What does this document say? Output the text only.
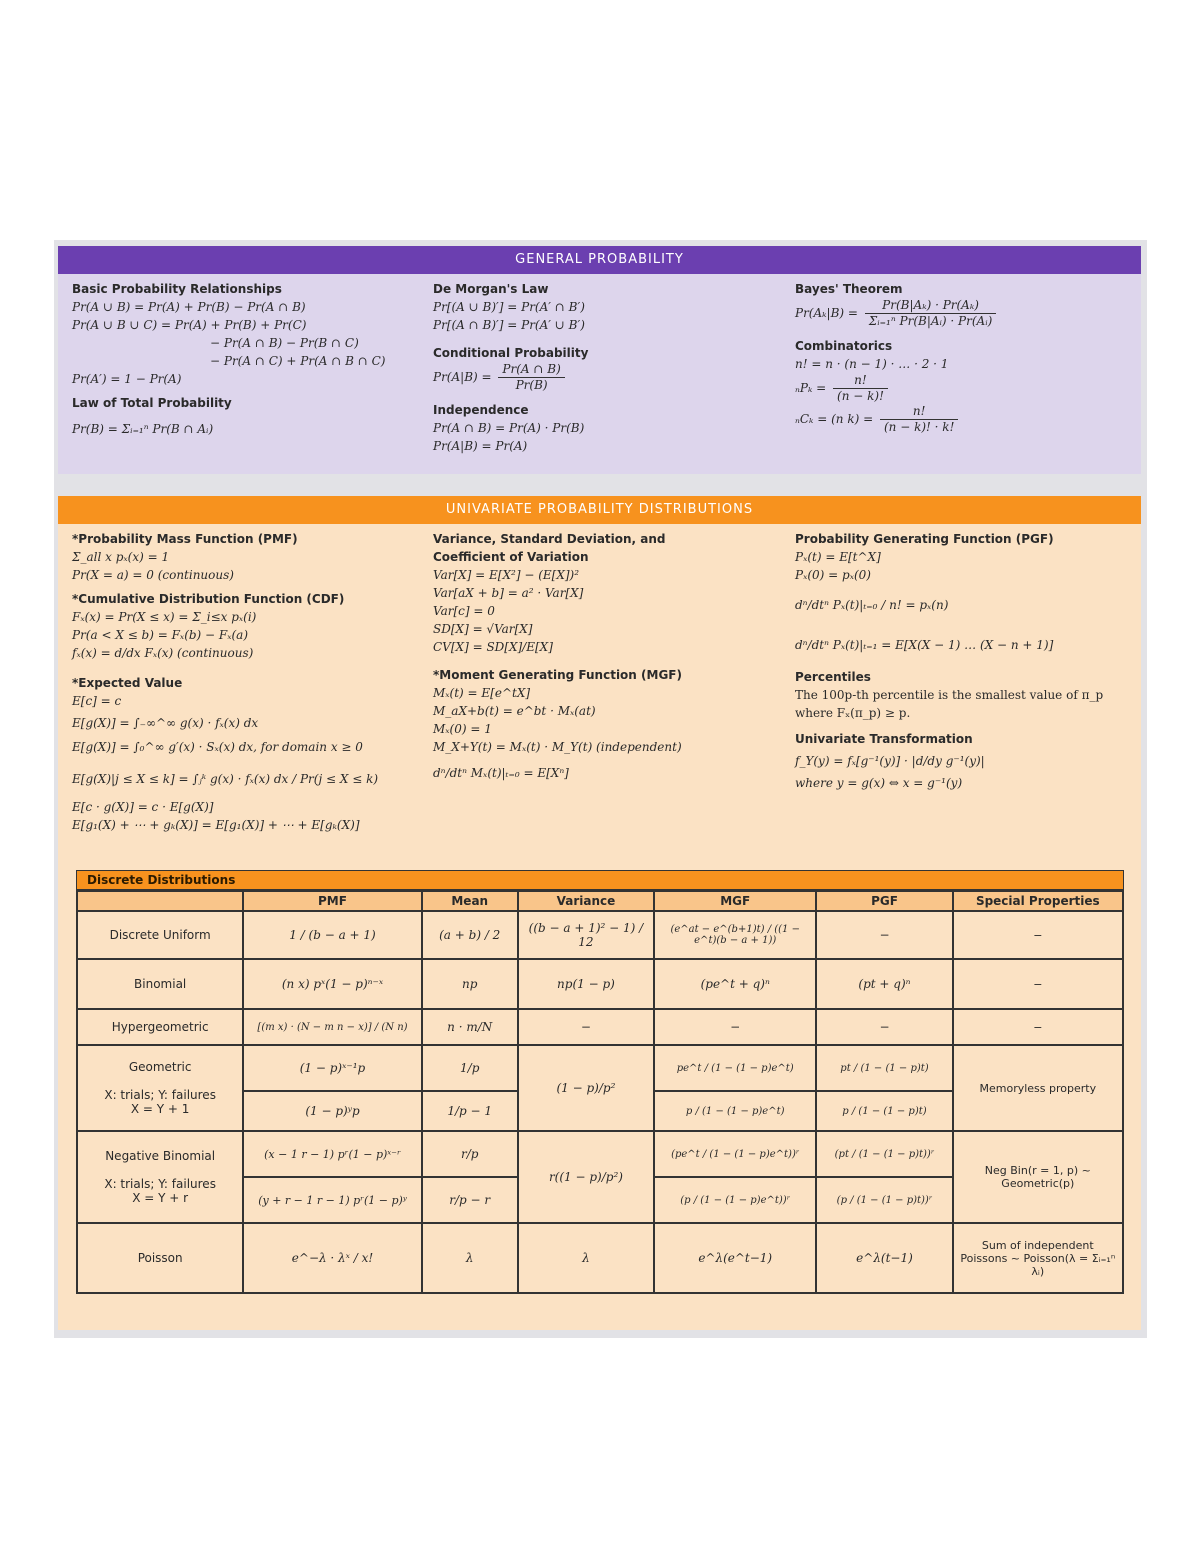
GENERAL PROBABILITY
Basic Probability Relationships
Pr(A ∪ B) = Pr(A) + Pr(B) − Pr(A ∩ B)
Pr(A ∪ B ∪ C) = Pr(A) + Pr(B) + Pr(C)
− Pr(A ∩ B) − Pr(B ∩ C)
− Pr(A ∩ C) + Pr(A ∩ B ∩ C)
Pr(A′) = 1 − Pr(A)
Law of Total Probability
Pr(B) = Σᵢ₌₁ⁿ Pr(B ∩ Aᵢ)
De Morgan's Law
Pr[(A ∪ B)′] = Pr(A′ ∩ B′)
Pr[(A ∩ B)′] = Pr(A′ ∪ B′)
Conditional Probability
$Pr(A|B) = \frac{Pr(A \cap B)}{Pr(B)}$
Independence
Pr(A ∩ B) = Pr(A) · Pr(B)
Pr(A|B) = Pr(A)
Bayes' Theorem
$Pr(A_k|B) = \frac{\text{Pr(B|Aₖ) · Pr(Aₖ)}}{\text{Σᵢ₌₁ⁿ Pr(B|Aᵢ) · Pr(Aᵢ)}}$
Combinatorics
n! = n · (n − 1) · … · 2 · 1
$_nP_k = \frac{n!}{(n - k)!}$
ₙCₖ = (n $k) = \frac{n!}{(n - k)! \cdot k!}$
UNIVARIATE PROBABILITY DISTRIBUTIONS
*Probability Mass Function (PMF)
Σ_all x pₓ(x) = 1
Pr(X = a) = 0 (continuous)
*Cumulative Distribution Function (CDF)
Fₓ(x) = Pr(X ≤ x) = Σ_i≤x pₓ(i)
Pr(a < X ≤ b) = Fₓ(b) − Fₓ(a)
fₓ(x) = d/dx Fₓ(x) (continuous)
*Expected Value
E[c] = c
E[g(X)] = ∫₋∞^∞ g(x) · fₓ(x) dx
E[g(X)] = ∫₀^∞ g′(x) · Sₓ(x) dx, for domain x ≥ 0
E[g(X)|j ≤ X ≤ k] = ∫ⱼᵏ g(x) · fₓ(x) dx / Pr(j ≤ X ≤ k)
E[c · g(X)] = c · E[g(X)]
E[g₁(X) + ⋯ + gₖ(X)] = E[g₁(X)] + ⋯ + E[gₖ(X)]
Variance, Standard Deviation, and
Coefficient of Variation
Var[X] = E[X²] − (E[X])²
Var[aX + b] = a² · Var[X]
Var[c] = 0
SD[X] = √Var[X]
CV[X] = SD[X]/E[X]
*Moment Generating Function (MGF)
Mₓ(t) = E[e^tX]
M_aX+b(t) = e^bt · Mₓ(at)
Mₓ(0) = 1
M_X+Y(t) = Mₓ(t) · M_Y(t) (independent)
dⁿ/dtⁿ Mₓ(t)|ₜ₌₀ = E[Xⁿ]
Probability Generating Function (PGF)
Pₓ(t) = E[t^X]
Pₓ(0) = pₓ(0)
dⁿ/dtⁿ Pₓ(t)|ₜ₌₀ / n! = pₓ(n)
dⁿ/dtⁿ Pₓ(t)|ₜ₌₁ = E[X(X − 1) … (X − n + 1)]
Percentiles
The 100p-th percentile is the smallest value of π_p
where Fₓ(π_p) ≥ p.
Univariate Transformation
f_Y(y) = fₓ[g⁻¹(y)] · |d/dy g⁻¹(y)|
where y = g(x) ⇔ x = g⁻¹(y)
Discrete Distributions
	PMF	Mean	Variance	MGF	PGF	Special Properties
Discrete Uniform	1 / (b − a + 1)	(a + b) / 2	((b − a + 1)² − 1) / 12	(e^at − e^(b+1)t) / ((1 − e^t)(b − a + 1))	−	−
Binomial	(n x) pˣ(1 − p)ⁿ⁻ˣ	np	np(1 − p)	(pe^t + q)ⁿ	(pt + q)ⁿ	−
Hypergeometric	[(m x) · (N − m n − x)] / (N n)	n · m/N	−	−	−	−

Geometric
X: trials; Y: failures
X = Y + 1	(1 − p)ˣ⁻¹p	1/p	(1 − p)/p²	pe^t / (1 − (1 − p)e^t)	pt / (1 − (1 − p)t)	Memoryless property
	(1 − p)ʸp	1/p − 1		p / (1 − (1 − p)e^t)	p / (1 − (1 − p)t)	

Negative Binomial
X: trials; Y: failures
X = Y + r	(x − 1 r − 1) pʳ(1 − p)ˣ⁻ʳ	r/p	r((1 − p)/p²)	(pe^t / (1 − (1 − p)e^t))ʳ	(pt / (1 − (1 − p)t))ʳ	Neg Bin(r = 1, p) ~ Geometric(p)
	(y + r − 1 r − 1) pʳ(1 − p)ʸ	r/p − r		(p / (1 − (1 − p)e^t))ʳ	(p / (1 − (1 − p)t))ʳ	
Poisson	e^−λ · λˣ / x!	λ	λ	e^λ(e^t−1)	e^λ(t−1)	Sum of independent Poissons ~ Poisson(λ = Σᵢ₌₁ⁿ λᵢ)
